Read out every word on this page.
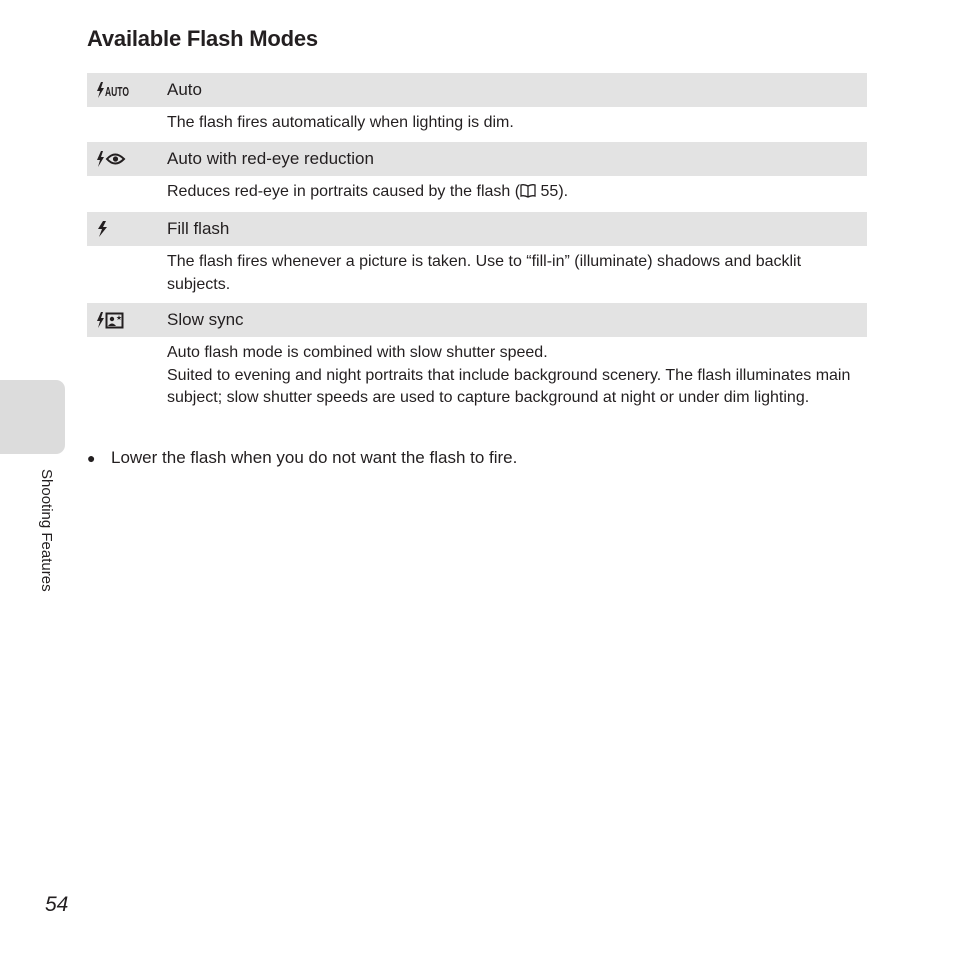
Available Flash Modes
AUTO Auto

The flash fires automatically when lighting is dim.

Auto with red-eye reduction

Reduces red-eye in portraits caused by the flash ( 55).

Fill flash

The flash fires whenever a picture is taken. Use to “fill-in” (illuminate) shadows and backlit subjects.

Slow sync

Auto flash mode is combined with slow shutter speed.

Suited to evening and night portraits that include background scenery. The flash illuminates main subject; slow shutter speeds are used to capture background at night or under dim lighting.

● Lower the flash when you do not want the flash to fire.
Shooting Features
54
